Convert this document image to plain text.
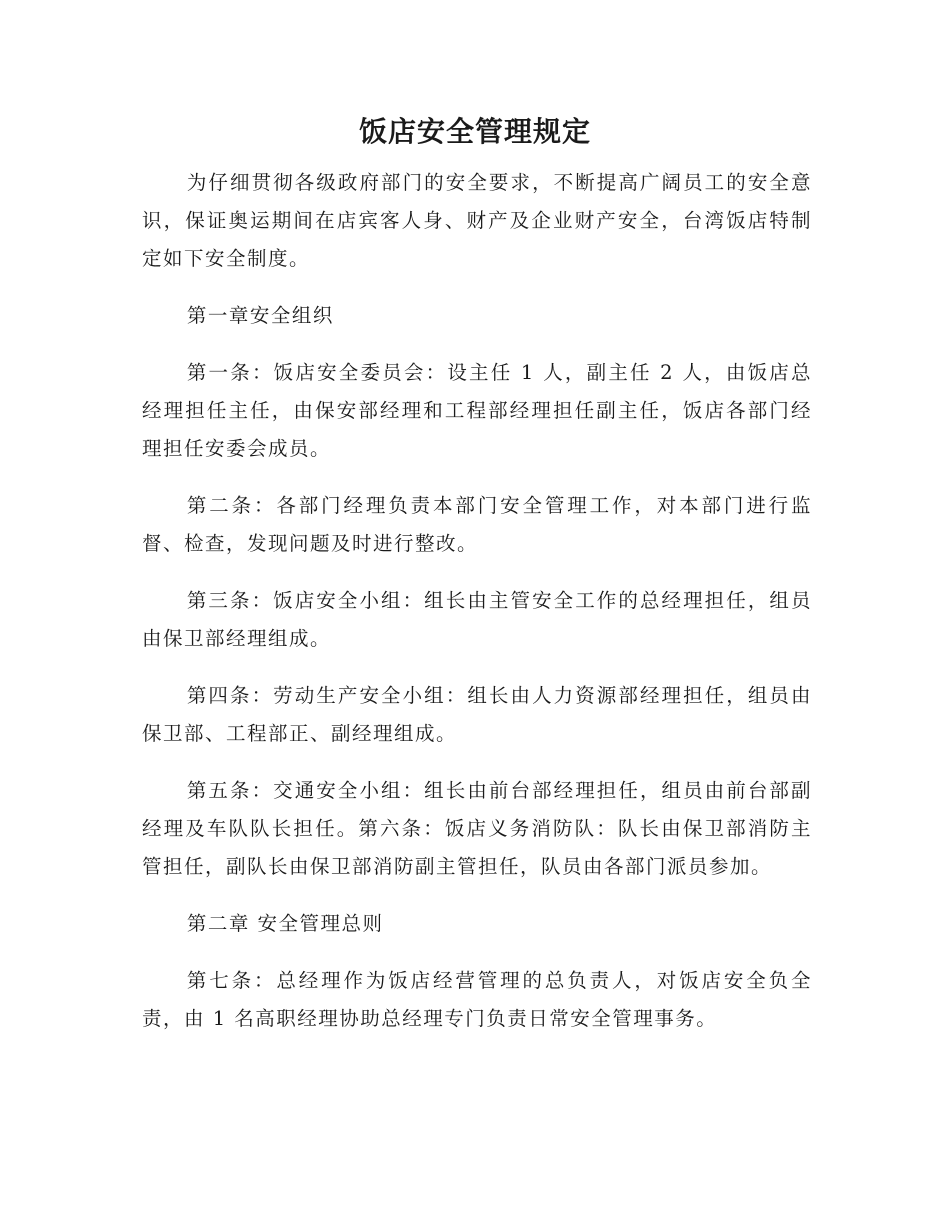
饭店安全管理规定

为仔细贯彻各级政府部门的安全要求，不断提高广阔员工的安全意识，保证奥运期间在店宾客人身、财产及企业财产安全，台湾饭店特制定如下安全制度。

第一章安全组织

第一条：饭店安全委员会：设主任 1 人，副主任 2 人，由饭店总经理担任主任，由保安部经理和工程部经理担任副主任，饭店各部门经理担任安委会成员。

第二条：各部门经理负责本部门安全管理工作，对本部门进行监督、检查，发现问题及时进行整改。

第三条：饭店安全小组：组长由主管安全工作的总经理担任，组员由保卫部经理组成。

第四条：劳动生产安全小组：组长由人力资源部经理担任，组员由保卫部、工程部正、副经理组成。

第五条：交通安全小组：组长由前台部经理担任，组员由前台部副经理及车队队长担任。第六条：饭店义务消防队：队长由保卫部消防主管担任，副队长由保卫部消防副主管担任，队员由各部门派员参加。

第二章 安全管理总则

第七条：总经理作为饭店经营管理的总负责人，对饭店安全负全责，由 1 名高职经理协助总经理专门负责日常安全管理事务。
